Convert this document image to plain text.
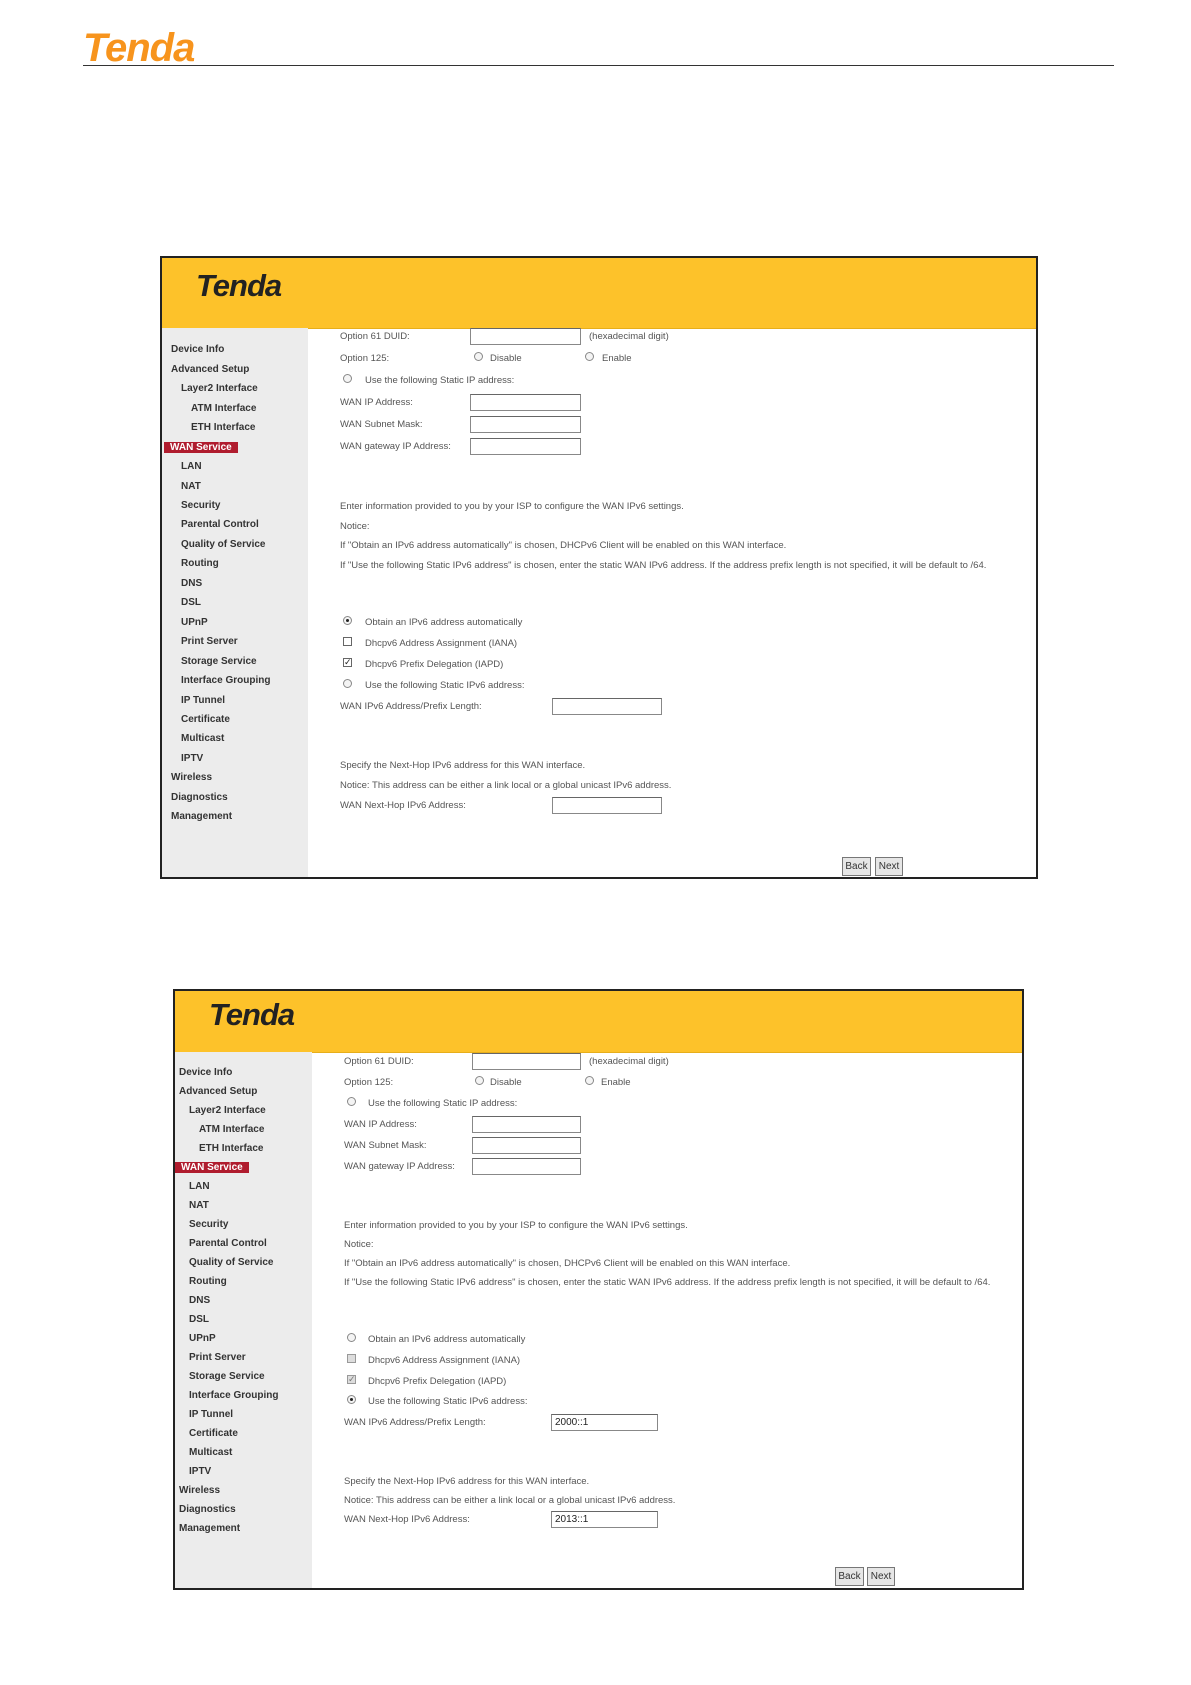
Tenda
Tenda
Device Info
Advanced Setup
Layer2 Interface
ATM Interface
ETH Interface
WAN Service
LAN
NAT
Security
Parental Control
Quality of Service
Routing
DNS
DSL
UPnP
Print Server
Storage Service
Interface Grouping
IP Tunnel
Certificate
Multicast
IPTV
Wireless
Diagnostics
Management
Option 61 DUID:	(hexadecimal digit)
Option 125:	Disable	Enable
Use the following Static IP address:
WAN IP Address:
WAN Subnet Mask:
WAN gateway IP Address:
Enter information provided to you by your ISP to configure the WAN IPv6 settings.
Notice:
If "Obtain an IPv6 address automatically" is chosen, DHCPv6 Client will be enabled on this WAN interface.
If "Use the following Static IPv6 address" is chosen, enter the static WAN IPv6 address. If the address prefix length is not specified, it will be default to /64.
Obtain an IPv6 address automatically
Dhcpv6 Address Assignment (IANA)
✓ Dhcpv6 Prefix Delegation (IAPD)
Use the following Static IPv6 address:
WAN IPv6 Address/Prefix Length:
Specify the Next-Hop IPv6 address for this WAN interface.
Notice: This address can be either a link local or a global unicast IPv6 address.
WAN Next-Hop IPv6 Address:
Back	Next
Tenda
Device Info
Advanced Setup
Layer2 Interface
ATM Interface
ETH Interface
WAN Service
LAN
NAT
Security
Parental Control
Quality of Service
Routing
DNS
DSL
UPnP
Print Server
Storage Service
Interface Grouping
IP Tunnel
Certificate
Multicast
IPTV
Wireless
Diagnostics
Management
Option 61 DUID:	(hexadecimal digit)
Option 125:	Disable	Enable
Use the following Static IP address:
WAN IP Address:
WAN Subnet Mask:
WAN gateway IP Address:
Enter information provided to you by your ISP to configure the WAN IPv6 settings.
Notice:
If "Obtain an IPv6 address automatically" is chosen, DHCPv6 Client will be enabled on this WAN interface.
If "Use the following Static IPv6 address" is chosen, enter the static WAN IPv6 address. If the address prefix length is not specified, it will be default to /64.
Obtain an IPv6 address automatically
Dhcpv6 Address Assignment (IANA)
✓ Dhcpv6 Prefix Delegation (IAPD)
Use the following Static IPv6 address:
WAN IPv6 Address/Prefix Length:	2000::1
Specify the Next-Hop IPv6 address for this WAN interface.
Notice: This address can be either a link local or a global unicast IPv6 address.
WAN Next-Hop IPv6 Address:	2013::1
Back	Next
